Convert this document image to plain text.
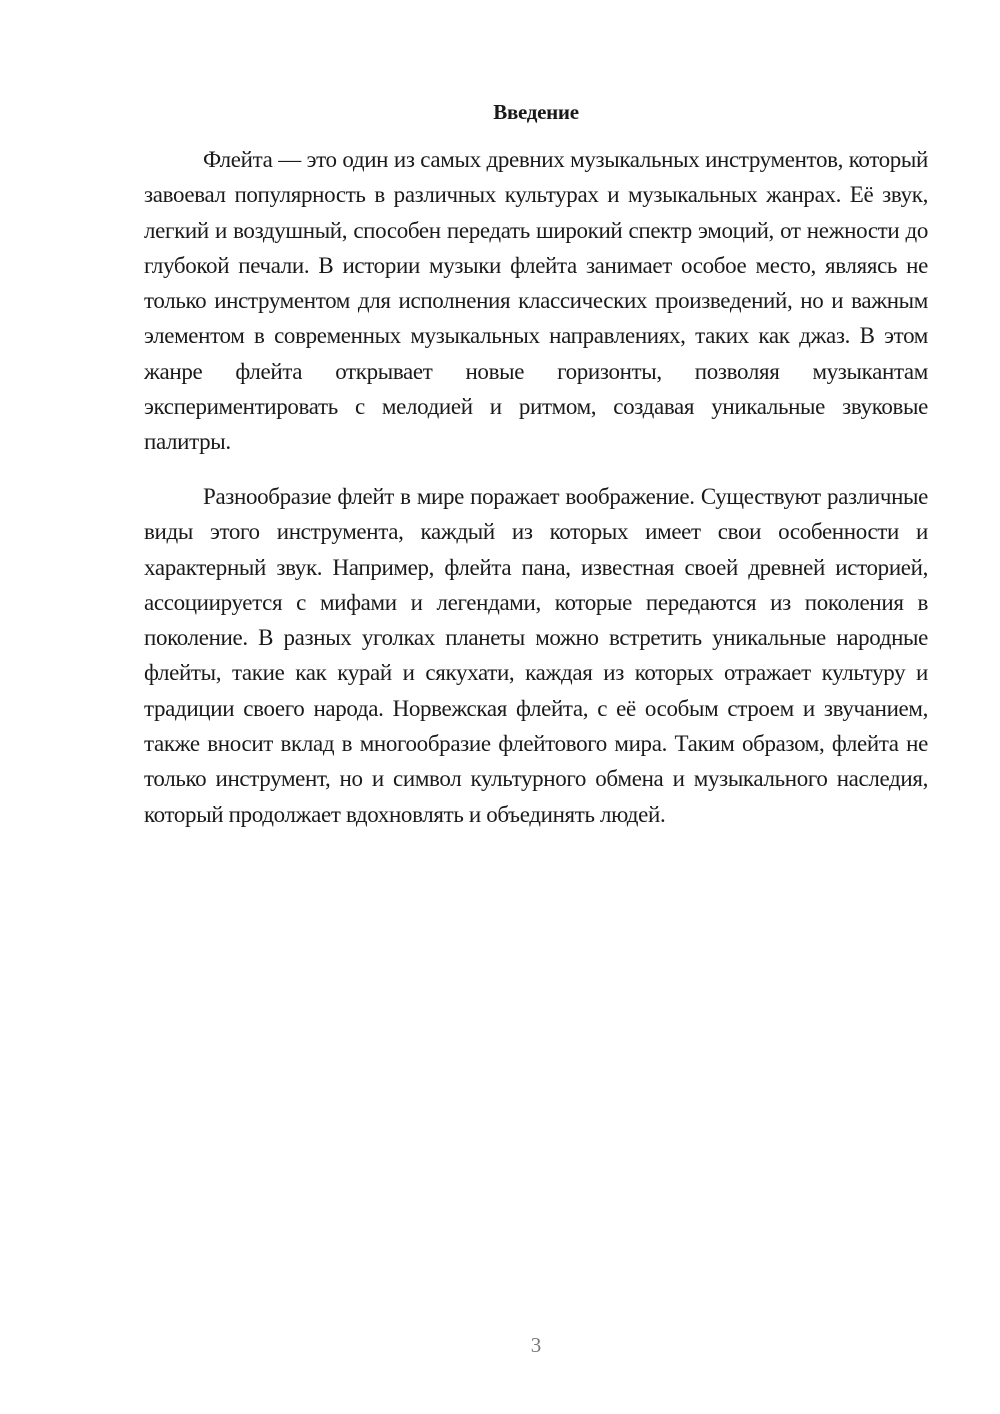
Введение

Флейта — это один из самых древних музыкальных инструментов, который завоевал популярность в различных культурах и музыкальных жанрах. Её звук, легкий и воздушный, способен передать широкий спектр эмоций, от нежности до глубокой печали. В истории музыки флейта занимает особое место, являясь не только инструментом для исполнения классических произведений, но и важным элементом в современных музыкальных направлениях, таких как джаз. В этом жанре флейта открывает новые горизонты, позволяя музыкантам экспериментировать с мелодией и ритмом, создавая уникальные звуковые палитры.

Разнообразие флейт в мире поражает воображение. Существуют различные виды этого инструмента, каждый из которых имеет свои особенности и характерный звук. Например, флейта пана, известная своей древней историей, ассоциируется с мифами и легендами, которые передаются из поколения в поколение. В разных уголках планеты можно встретить уникальные народные флейты, такие как курай и сякухати, каждая из которых отражает культуру и традиции своего народа. Норвежская флейта, с её особым строем и звучанием, также вносит вклад в многообразие флейтового мира. Таким образом, флейта не только инструмент, но и символ культурного обмена и музыкального наследия, который продолжает вдохновлять и объединять людей.

3
